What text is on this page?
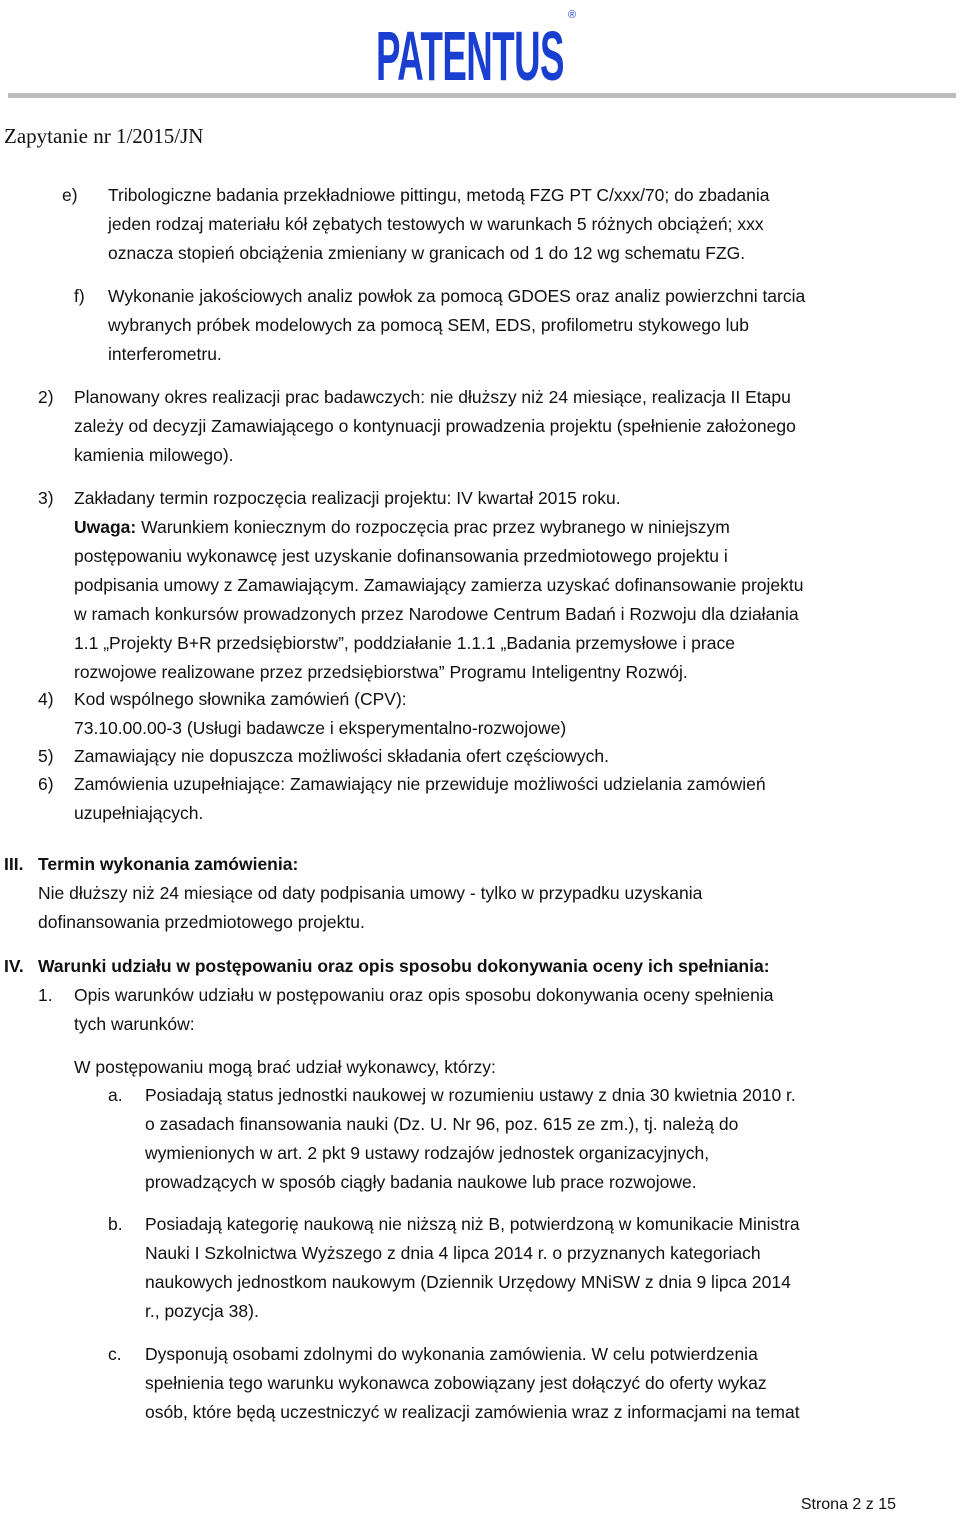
PATENTUS
®
Zapytanie nr 1/2015/JN
e) Tribologiczne badania przekładniowe pittingu, metodą FZG PT C/xxx/70; do zbadania
jeden rodzaj materiału kół zębatych testowych w warunkach 5 różnych obciążeń; xxx
oznacza stopień obciążenia zmieniany w granicach od 1 do 12 wg schematu FZG.
f) Wykonanie jakościowych analiz powłok za pomocą GDOES oraz analiz powierzchni tarcia
wybranych próbek modelowych za pomocą SEM, EDS, profilometru stykowego lub
interferometru.
2) Planowany okres realizacji prac badawczych: nie dłuższy niż 24 miesiące, realizacja II Etapu
zależy od decyzji Zamawiającego o kontynuacji prowadzenia projektu (spełnienie założonego
kamienia milowego).
3) Zakładany termin rozpoczęcia realizacji projektu: IV kwartał 2015 roku.
Uwaga: Warunkiem koniecznym do rozpoczęcia prac przez wybranego w niniejszym
postępowaniu wykonawcę jest uzyskanie dofinansowania przedmiotowego projektu i
podpisania umowy z Zamawiającym. Zamawiający zamierza uzyskać dofinansowanie projektu
w ramach konkursów prowadzonych przez Narodowe Centrum Badań i Rozwoju dla działania
1.1 „Projekty B+R przedsiębiorstw”, poddziałanie 1.1.1 „Badania przemysłowe i prace
rozwojowe realizowane przez przedsiębiorstwa” Programu Inteligentny Rozwój.
4) Kod wspólnego słownika zamówień (CPV):
73.10.00.00-3 (Usługi badawcze i eksperymentalno-rozwojowe)
5) Zamawiający nie dopuszcza możliwości składania ofert częściowych.
6) Zamówienia uzupełniające: Zamawiający nie przewiduje możliwości udzielania zamówień
uzupełniających.
III. Termin wykonania zamówienia:
Nie dłuższy niż 24 miesiące od daty podpisania umowy - tylko w przypadku uzyskania
dofinansowania przedmiotowego projektu.
IV. Warunki udziału w postępowaniu oraz opis sposobu dokonywania oceny ich spełniania:
1. Opis warunków udziału w postępowaniu oraz opis sposobu dokonywania oceny spełnienia
tych warunków:
W postępowaniu mogą brać udział wykonawcy, którzy:
a. Posiadają status jednostki naukowej w rozumieniu ustawy z dnia 30 kwietnia 2010 r.
o zasadach finansowania nauki (Dz. U. Nr 96, poz. 615 ze zm.), tj. należą do
wymienionych w art. 2 pkt 9 ustawy rodzajów jednostek organizacyjnych,
prowadzących w sposób ciągły badania naukowe lub prace rozwojowe.
b. Posiadają kategorię naukową nie niższą niż B, potwierdzoną w komunikacie Ministra
Nauki I Szkolnictwa Wyższego z dnia 4 lipca 2014 r. o przyznanych kategoriach
naukowych jednostkom naukowym (Dziennik Urzędowy MNiSW z dnia 9 lipca 2014
r., pozycja 38).
c. Dysponują osobami zdolnymi do wykonania zamówienia. W celu potwierdzenia
spełnienia tego warunku wykonawca zobowiązany jest dołączyć do oferty wykaz
osób, które będą uczestniczyć w realizacji zamówienia wraz z informacjami na temat
Strona 2 z 15
